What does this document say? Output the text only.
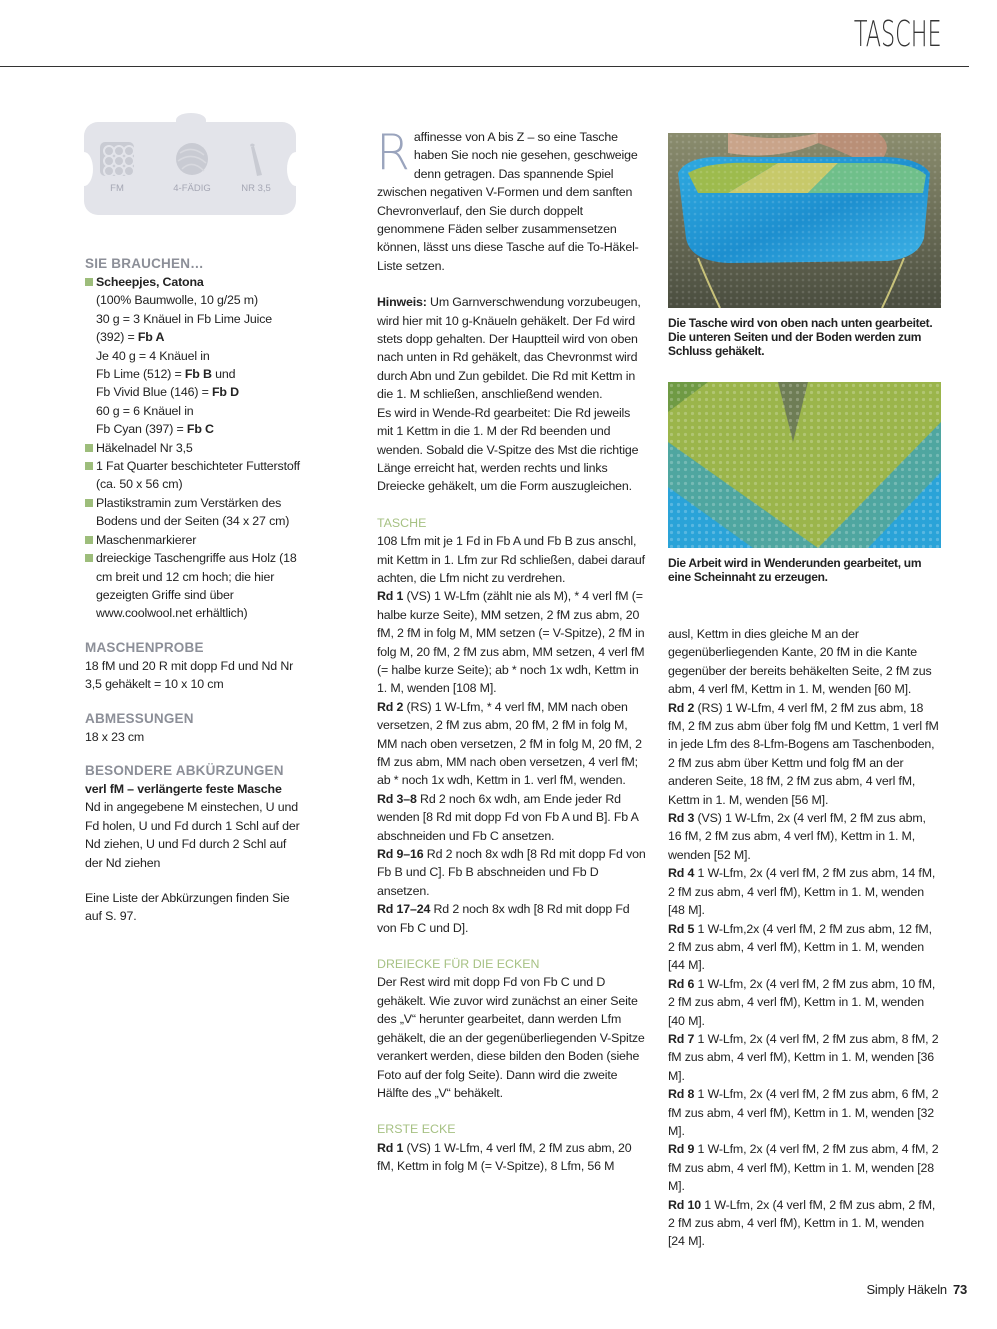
TASCHE
FM	4-FÄDIG	NR 3,5
SIE BRAUCHEN…
Scheepjes, Catona
(100% Baumwolle, 10 g/25 m)
30 g = 3 Knäuel in Fb Lime Juice
(392) = Fb A
Je 40 g = 4 Knäuel in
Fb Lime (512) = Fb B und
Fb Vivid Blue (146) = Fb D
60 g = 6 Knäuel in
Fb Cyan (397) = Fb C
Häkelnadel Nr 3,5
1 Fat Quarter beschichteter Futterstoff (ca. 50 x 56 cm)
Plastikstramin zum Verstärken des Bodens und der Seiten (34 x 27 cm)
Maschenmarkierer
dreieckige Taschengriffe aus Holz (18 cm breit und 12 cm hoch; die hier gezeigten Griffe sind über www.coolwool.net erhältlich)
MASCHENPROBE
18 fM und 20 R mit dopp Fd und Nd Nr 3,5 gehäkelt = 10 x 10 cm
ABMESSUNGEN
18 x 23 cm
BESONDERE ABKÜRZUNGEN
verl fM – verlängerte feste Masche
Nd in angegebene M einstechen, U und Fd holen, U und Fd durch 1 Schl auf der Nd ziehen, U und Fd durch 2 Schl auf der Nd ziehen
Eine Liste der Abkürzungen finden Sie auf S. 97.
Raffinesse von A bis Z – so eine Tasche haben Sie noch nie gesehen, geschweige denn getragen. Das spannende Spiel zwischen negativen V-Formen und dem sanften Chevronverlauf, den Sie durch doppelt genommene Fäden selber zusammensetzen können, lässt uns diese Tasche auf die To-Häkel-Liste setzen.
Hinweis: Um Garnverschwendung vorzubeugen, wird hier mit 10 g-Knäueln gehäkelt. Der Fd wird stets dopp gehalten. Der Hauptteil wird von oben nach unten in Rd gehäkelt, das Chevronmst wird durch Abn und Zun gebildet. Die Rd mit Kettm in die 1. M schließen, anschließend wenden.
Es wird in Wende-Rd gearbeitet: Die Rd jeweils mit 1 Kettm in die 1. M der Rd beenden und wenden. Sobald die V-Spitze des Mst die richtige Länge erreicht hat, werden rechts und links Dreiecke gehäkelt, um die Form auszugleichen.
TASCHE
108 Lfm mit je 1 Fd in Fb A und Fb B zus anschl, mit Kettm in 1. Lfm zur Rd schließen, dabei darauf achten, die Lfm nicht zu verdrehen.
Rd 1 (VS) 1 W-Lfm (zählt nie als M), * 4 verl fM (= halbe kurze Seite), MM setzen, 2 fM zus abm, 20 fM, 2 fM in folg M, MM setzen (= V-Spitze), 2 fM in folg M, 20 fM, 2 fM zus abm, MM setzen, 4 verl fM (= halbe kurze Seite); ab * noch 1x wdh, Kettm in 1. M, wenden [108 M].
Rd 2 (RS) 1 W-Lfm, * 4 verl fM, MM nach oben versetzen, 2 fM zus abm, 20 fM, 2 fM in folg M, MM nach oben versetzen, 2 fM in folg M, 20 fM, 2 fM zus abm, MM nach oben versetzen, 4 verl fM; ab * noch 1x wdh, Kettm in 1. verl fM, wenden.
Rd 3–8 Rd 2 noch 6x wdh, am Ende jeder Rd wenden [8 Rd mit dopp Fd von Fb A und B]. Fb A abschneiden und Fb C ansetzen.
Rd 9–16 Rd 2 noch 8x wdh [8 Rd mit dopp Fd von Fb B und C]. Fb B abschneiden und Fb D ansetzen.
Rd 17–24 Rd 2 noch 8x wdh [8 Rd mit dopp Fd von Fb C und D].
DREIECKE FÜR DIE ECKEN
Der Rest wird mit dopp Fd von Fb C und D gehäkelt. Wie zuvor wird zunächst an einer Seite des „V“ herunter gearbeitet, dann werden Lfm gehäkelt, die an der gegenüberliegenden V-Spitze verankert werden, diese bilden den Boden (siehe Foto auf der folg Seite). Dann wird die zweite Hälfte des „V“ behäkelt.
ERSTE ECKE
Rd 1 (VS) 1 W-Lfm, 4 verl fM, 2 fM zus abm, 20 fM, Kettm in folg M (= V-Spitze), 8 Lfm, 56 M
Die Tasche wird von oben nach unten gearbeitet. Die unteren Seiten und der Boden werden zum Schluss gehäkelt.
Die Arbeit wird in Wenderunden gearbeitet, um eine Scheinnaht zu erzeugen.
ausl, Kettm in dies gleiche M an der gegenüberliegenden Kante, 20 fM in die Kante gegenüber der bereits behäkelten Seite, 2 fM zus abm, 4 verl fM, Kettm in 1. M, wenden [60 M].
Rd 2 (RS) 1 W-Lfm, 4 verl fM, 2 fM zus abm, 18 fM, 2 fM zus abm über folg fM und Kettm, 1 verl fM in jede Lfm des 8-Lfm-Bogens am Taschenboden, 2 fM zus abm über Kettm und folg fM an der anderen Seite, 18 fM, 2 fM zus abm, 4 verl fM, Kettm in 1. M, wenden [56 M].
Rd 3 (VS) 1 W-Lfm, 2x (4 verl fM, 2 fM zus abm, 16 fM, 2 fM zus abm, 4 verl fM), Kettm in 1. M, wenden [52 M].
Rd 4 1 W-Lfm, 2x (4 verl fM, 2 fM zus abm, 14 fM, 2 fM zus abm, 4 verl fM), Kettm in 1. M, wenden [48 M].
Rd 5 1 W-Lfm,2x (4 verl fM, 2 fM zus abm, 12 fM, 2 fM zus abm, 4 verl fM), Kettm in 1. M, wenden [44 M].
Rd 6 1 W-Lfm, 2x (4 verl fM, 2 fM zus abm, 10 fM, 2 fM zus abm, 4 verl fM), Kettm in 1. M, wenden [40 M].
Rd 7 1 W-Lfm, 2x (4 verl fM, 2 fM zus abm, 8 fM, 2 fM zus abm, 4 verl fM), Kettm in 1. M, wenden [36 M].
Rd 8 1 W-Lfm, 2x (4 verl fM, 2 fM zus abm, 6 fM, 2 fM zus abm, 4 verl fM), Kettm in 1. M, wenden [32 M].
Rd 9 1 W-Lfm, 2x (4 verl fM, 2 fM zus abm, 4 fM, 2 fM zus abm, 4 verl fM), Kettm in 1. M, wenden [28 M].
Rd 10 1 W-Lfm, 2x (4 verl fM, 2 fM zus abm, 2 fM, 2 fM zus abm, 4 verl fM), Kettm in 1. M, wenden [24 M].
Simply Häkeln 73
